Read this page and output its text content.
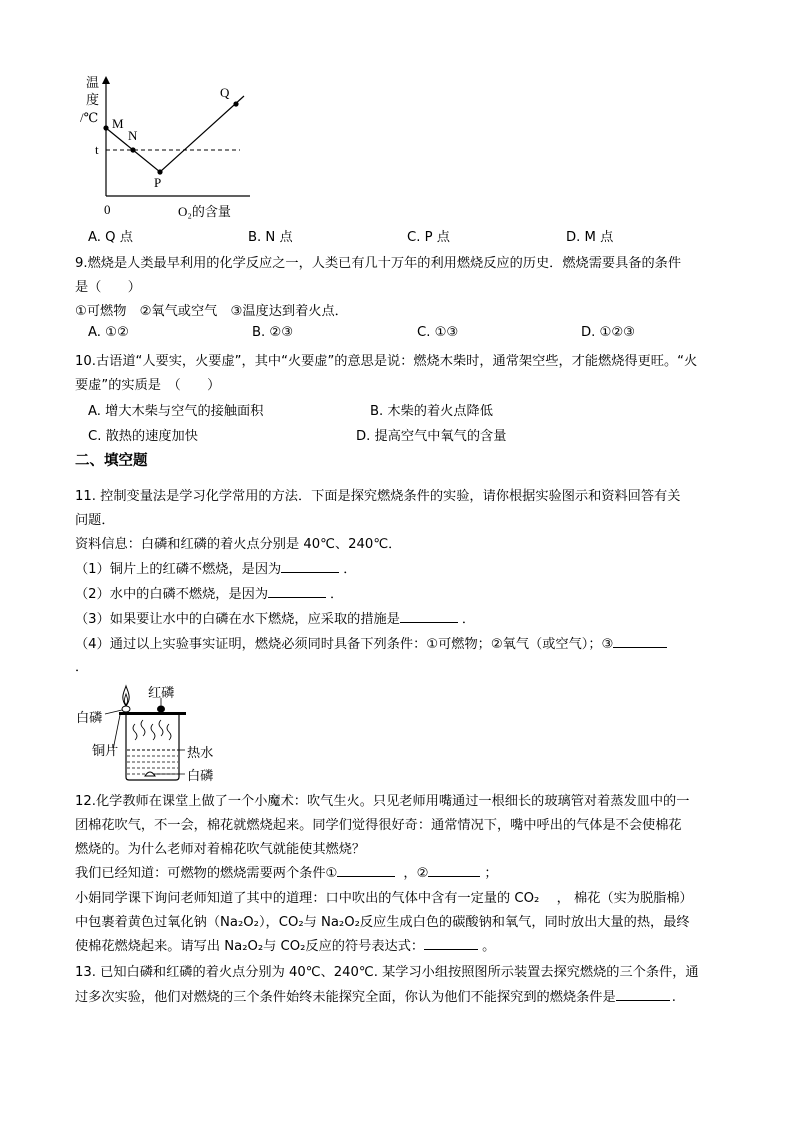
温
度
/℃ M
N
t
P
Q
0	O₂的含量
A. Q 点	B. N 点	C. P 点	D. M 点
9.燃烧是人类最早利用的化学反应之一，人类已有几十万年的利用燃烧反应的历史．燃烧需要具备的条件
是（　　）
①可燃物　②氧气或空气　③温度达到着火点．
A. ①②	B. ②③	C. ①③	D. ①②③
10.古语道“人要实，火要虚”，其中“火要虚”的意思是说：燃烧木柴时，通常架空些，才能燃烧得更旺。“火
要虚”的实质是　（　　）
A. 增大木柴与空气的接触面积	B. 木柴的着火点降低
C. 散热的速度加快	D. 提高空气中氧气的含量
二、填空题
11. 控制变量法是学习化学常用的方法．下面是探究燃烧条件的实验，请你根据实验图示和资料回答有关
问题．
资料信息：白磷和红磷的着火点分别是 40℃、240℃．
（1）铜片上的红磷不燃烧，是因为	．
（2）水中的白磷不燃烧，是因为	．
（3）如果要让水中的白磷在水下燃烧，应采取的措施是	．
（4）通过以上实验事实证明，燃烧必须同时具备下列条件：①可燃物；②氧气（或空气）；③
．
红磷
白磷
铜片	热水
白磷
12.化学教师在课堂上做了一个小魔术：吹气生火。只见老师用嘴通过一根细长的玻璃管对着蒸发皿中的一
团棉花吹气，不一会，棉花就燃烧起来。同学们觉得很好奇：通常情况下，嘴中呼出的气体是不会使棉花
燃烧的。为什么老师对着棉花吹气就能使其燃烧？
我们已经知道：可燃物的燃烧需要两个条件①	，②	；
小娟同学课下询问老师知道了其中的道理：口中吹出的气体中含有一定量的 CO₂　 ， 棉花（实为脱脂棉）
中包裹着黄色过氧化钠（Na₂O₂），CO₂与 Na₂O₂反应生成白色的碳酸钠和氧气，同时放出大量的热，最终
使棉花燃烧起来。请写出 Na₂O₂与 CO₂反应的符号表达式：	。
13. 已知白磷和红磷的着火点分别为 40℃、240℃. 某学习小组按照图所示装置去探究燃烧的三个条件，通
过多次实验，他们对燃烧的三个条件始终未能探究全面，你认为他们不能探究到的燃烧条件是	.
